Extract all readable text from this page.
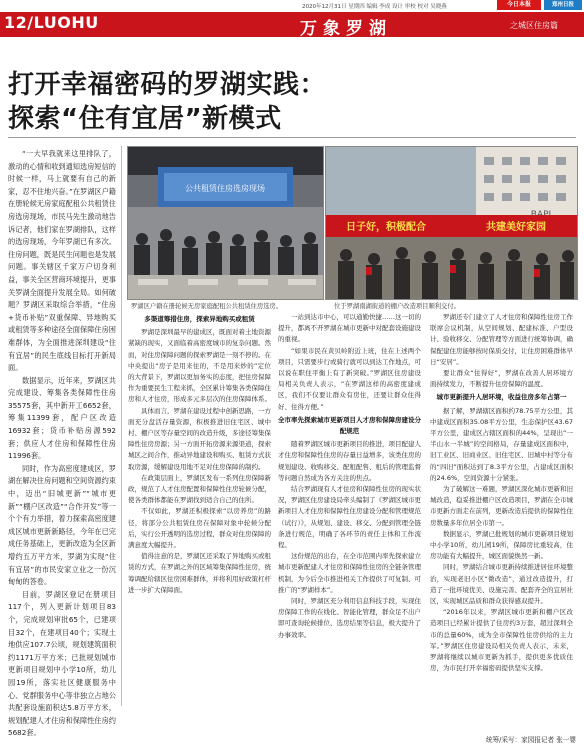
2020年12月31日 星期四 编辑 李成 设计 审校 校对 吴晓燕	今日本报	郑州日报
12/LUOHU	万象罗湖	之城区住房篇
打开幸福密码的罗湖实践：
探索“住有宜居”新模式

“一大早我就来这里排队了，激动的心情和收到通知选房短信的时候一样，马上就要有自己的新家，忍不住地兴奋。”在罗湖区户籍在册轮候无房家庭配租公共租赁住房选房现场，市民马先生激动地告诉记者，他们家在罗湖排队，这样的选房现场，今年罗湖已有多次。住房问题，既是民生问题也是发展问题。事关辖区千家万户切身利益，事关全区营商环境提升，更事关罗湖全面提升发展全局。如何破题？罗湖区采取综合举措，“住房+货币补贴”双重保障、异地购买或租赁等多种途径全面保障住房困难群体，为全面推进深圳建设“住有宜居”的民生底线目标打开新局面。

数据显示，近年来，罗湖区共完成建设、筹集各类保障性住房35575套，其中新开工6652套，筹集11399套，配户区改造16932套；货币补贴房源592套；供应人才住房和保障性住房11996套。

同时，作为高密度建成区，罗湖在解决住房问题和空间资源约束中，迈出“旧城更新”“城市更新”“棚户区改造”“合作开发”等一个个有力举措，着力探索高密度建成区城市更新新路径，今年在已完成任务基础上，更新改造为全区新增约五万平方米，罗湖为实现“住有宜居”的市民安家立业之一份沉甸甸的答卷。

目前，罗湖区登记在册项目117个，列入更新计划项目83个，完成规划审批65个，已建项目32个，在建项目40个；实现土地供应107.7公顷，规划建筑面积约1171万平方米；已批规划城市更新项目规划中小学10所，幼儿园19所，落实社区健康服务中心、党群服务中心等非独立占地公共配套设施面积达5.8万平方米，规划配建人才住房和保障性住房约5682套。

公共租赁住房选房现场
日子好，积极配合	共建美好家园
罗湖区户籍在册轮候无房家庭配租公共租赁住房选房。	位于罗湖南湖街道的棚户改造项目顺利交付。
多渠道筹措住房，探索异地购买或租赁

罗湖是深圳最早的建成区，既面对着土地资源紧缺的现实，又面临着高密度城市的复杂问题。然而，对住房保障问题的探索罗湖是一刻不停的。在中央提出“房子是用来住的，不是用来炒的”定位的大背景下，罗湖以更加务实的态度，把住房保障作为重要民生工程来抓，全区累计筹集各类保障住房和人才住房，形成多元多层次的住房保障体系。

具体而言，罗湖在建设过程中创新思路，一方面充分盘活存量资源，积极推进旧住宅区、城中村、棚户区等存量空间的改造升级，多途径筹集保障性住房房源；另一方面开拓房源来源渠道，探索城区之间合作，推动异地建设和购买、租赁方式获取房源，缓解建设用地不足对住房保障的制约。

在政策层面上，罗湖区发布一系列住房保障新政，规范了人才住房配置和保障性住房轮候分配，使各类群体都能在罗湖找到适合自己的住所。

不仅如此，罗湖还积极探索“以房养房”的路径，将部分公共租赁住房在保障对象中轮候分配后，实行公开透明的选房过程，群众对住房保障的满意度大幅提升。

值得注意的是，罗湖区还采取了异地购买或租赁的方式，在罗湖之外的区域筹集保障性住房，统筹调配给辖区住房困难群体，并将利用好政策杠杆进一步扩大保障面。

一站到达市中心，可以通勤快捷……这一切的提升，都离不开罗湖在城市更新中对配套设施建设的重视。

“如果市民在黄贝岭附近上班，住在上述两个项目，只需要步行或骑行就可以到达工作地点，可以说在职住平衡上有了新突破。”罗湖区住房建设局相关负责人表示，“在罗湖这样的高密度建成区，我们不仅要让群众有房住，还要让群众住得好、住得方便。”

全市率先探索城市更新项目人才房和保障房建设分配规范

随着罗湖区城市更新项目的推进，项目配建人才住房和保障性住房的存量日益增多，该类住房的规划建设、收购移交、配租配售、租后的管理监督等问题自然成为各方关注的焦点。

结合罗湖现有人才住房和保障性住房的现实状况，罗湖区住房建设局牵头编制了《罗湖区城市更新项目人才住房和保障性住房建设分配和管理规范（试行）》，从规划、建设、移交、分配到管理全链条进行规范，明确了各环节的责任主体和工作流程。

这份规范的出台，在全市范围内率先探索建立城市更新配建人才住房和保障性住房的全链条管理机制，为今后全市推进相关工作提供了可复制、可推广的“罗湖样本”。

同时，罗湖区充分利用信息科技手段，实现住房保障工作的在线化、智能化管理，群众足不出户即可查询轮候排位、选房结果等信息，极大提升了办事效率。

罗湖还专门建立了人才住房和保障性住房工作联席会议机制，从空间规划、配建标准、户型设计、验收移交、分配管理等方面进行统筹协调，确保配建住房能够按时保质交付，让住房困难群体早日“安居”。

要让群众“住得好”，罗湖在改善人居环境方面持续发力，不断提升住房保障的温度。

城市更新提升人居环境，收益住房多年占第一

据了解，罗湖辖区面积约78.75平方公里，其中建成区面积35.08平方公里，生态保护区43.67平方公里，建成区占辖区面积的44%，呈现出“一半山水一半城”的空间格局，存量建成区面积中，旧工业区、旧商业区、旧住宅区、旧城中村等分布的“四旧”面积达到了8.3平方公里，占建成区面积的24.6%，空间资源十分紧张。

为了破解这一难题，罗湖区深化城市更新和旧城改造，稳妥推进棚户区改造项目，罗湖在全市城市更新方面走在前列，更新改造后提供的保障性住房数量多年位居全市第一。

数据显示，罗湖已批规划的城市更新项目规划中小学10所，幼儿园19所，保障房比重较高，住房功能有大幅提升，城区面貌焕然一新。

同时，罗湖结合城市更新持续推进居住环境整治，实现老旧小区“微改造”，通过改造提升，打造了一批环境优美、设施完善、配套齐全的宜居社区，实现城区品质和群众获得感双提升。

“2016年以来，罗湖区城市更新和棚户区改造项目已经累计提供了住房约3万套，超过深圳全市的总量60%，成为全市保障性住房供给的主力军。”罗湖区住房建设局相关负责人表示，未来，罗湖将继续以城市更新为抓手，提供更多优质住房，为市民打开幸福密码提供坚实支撑。

统筹/采写：家园报记者 张一婴
